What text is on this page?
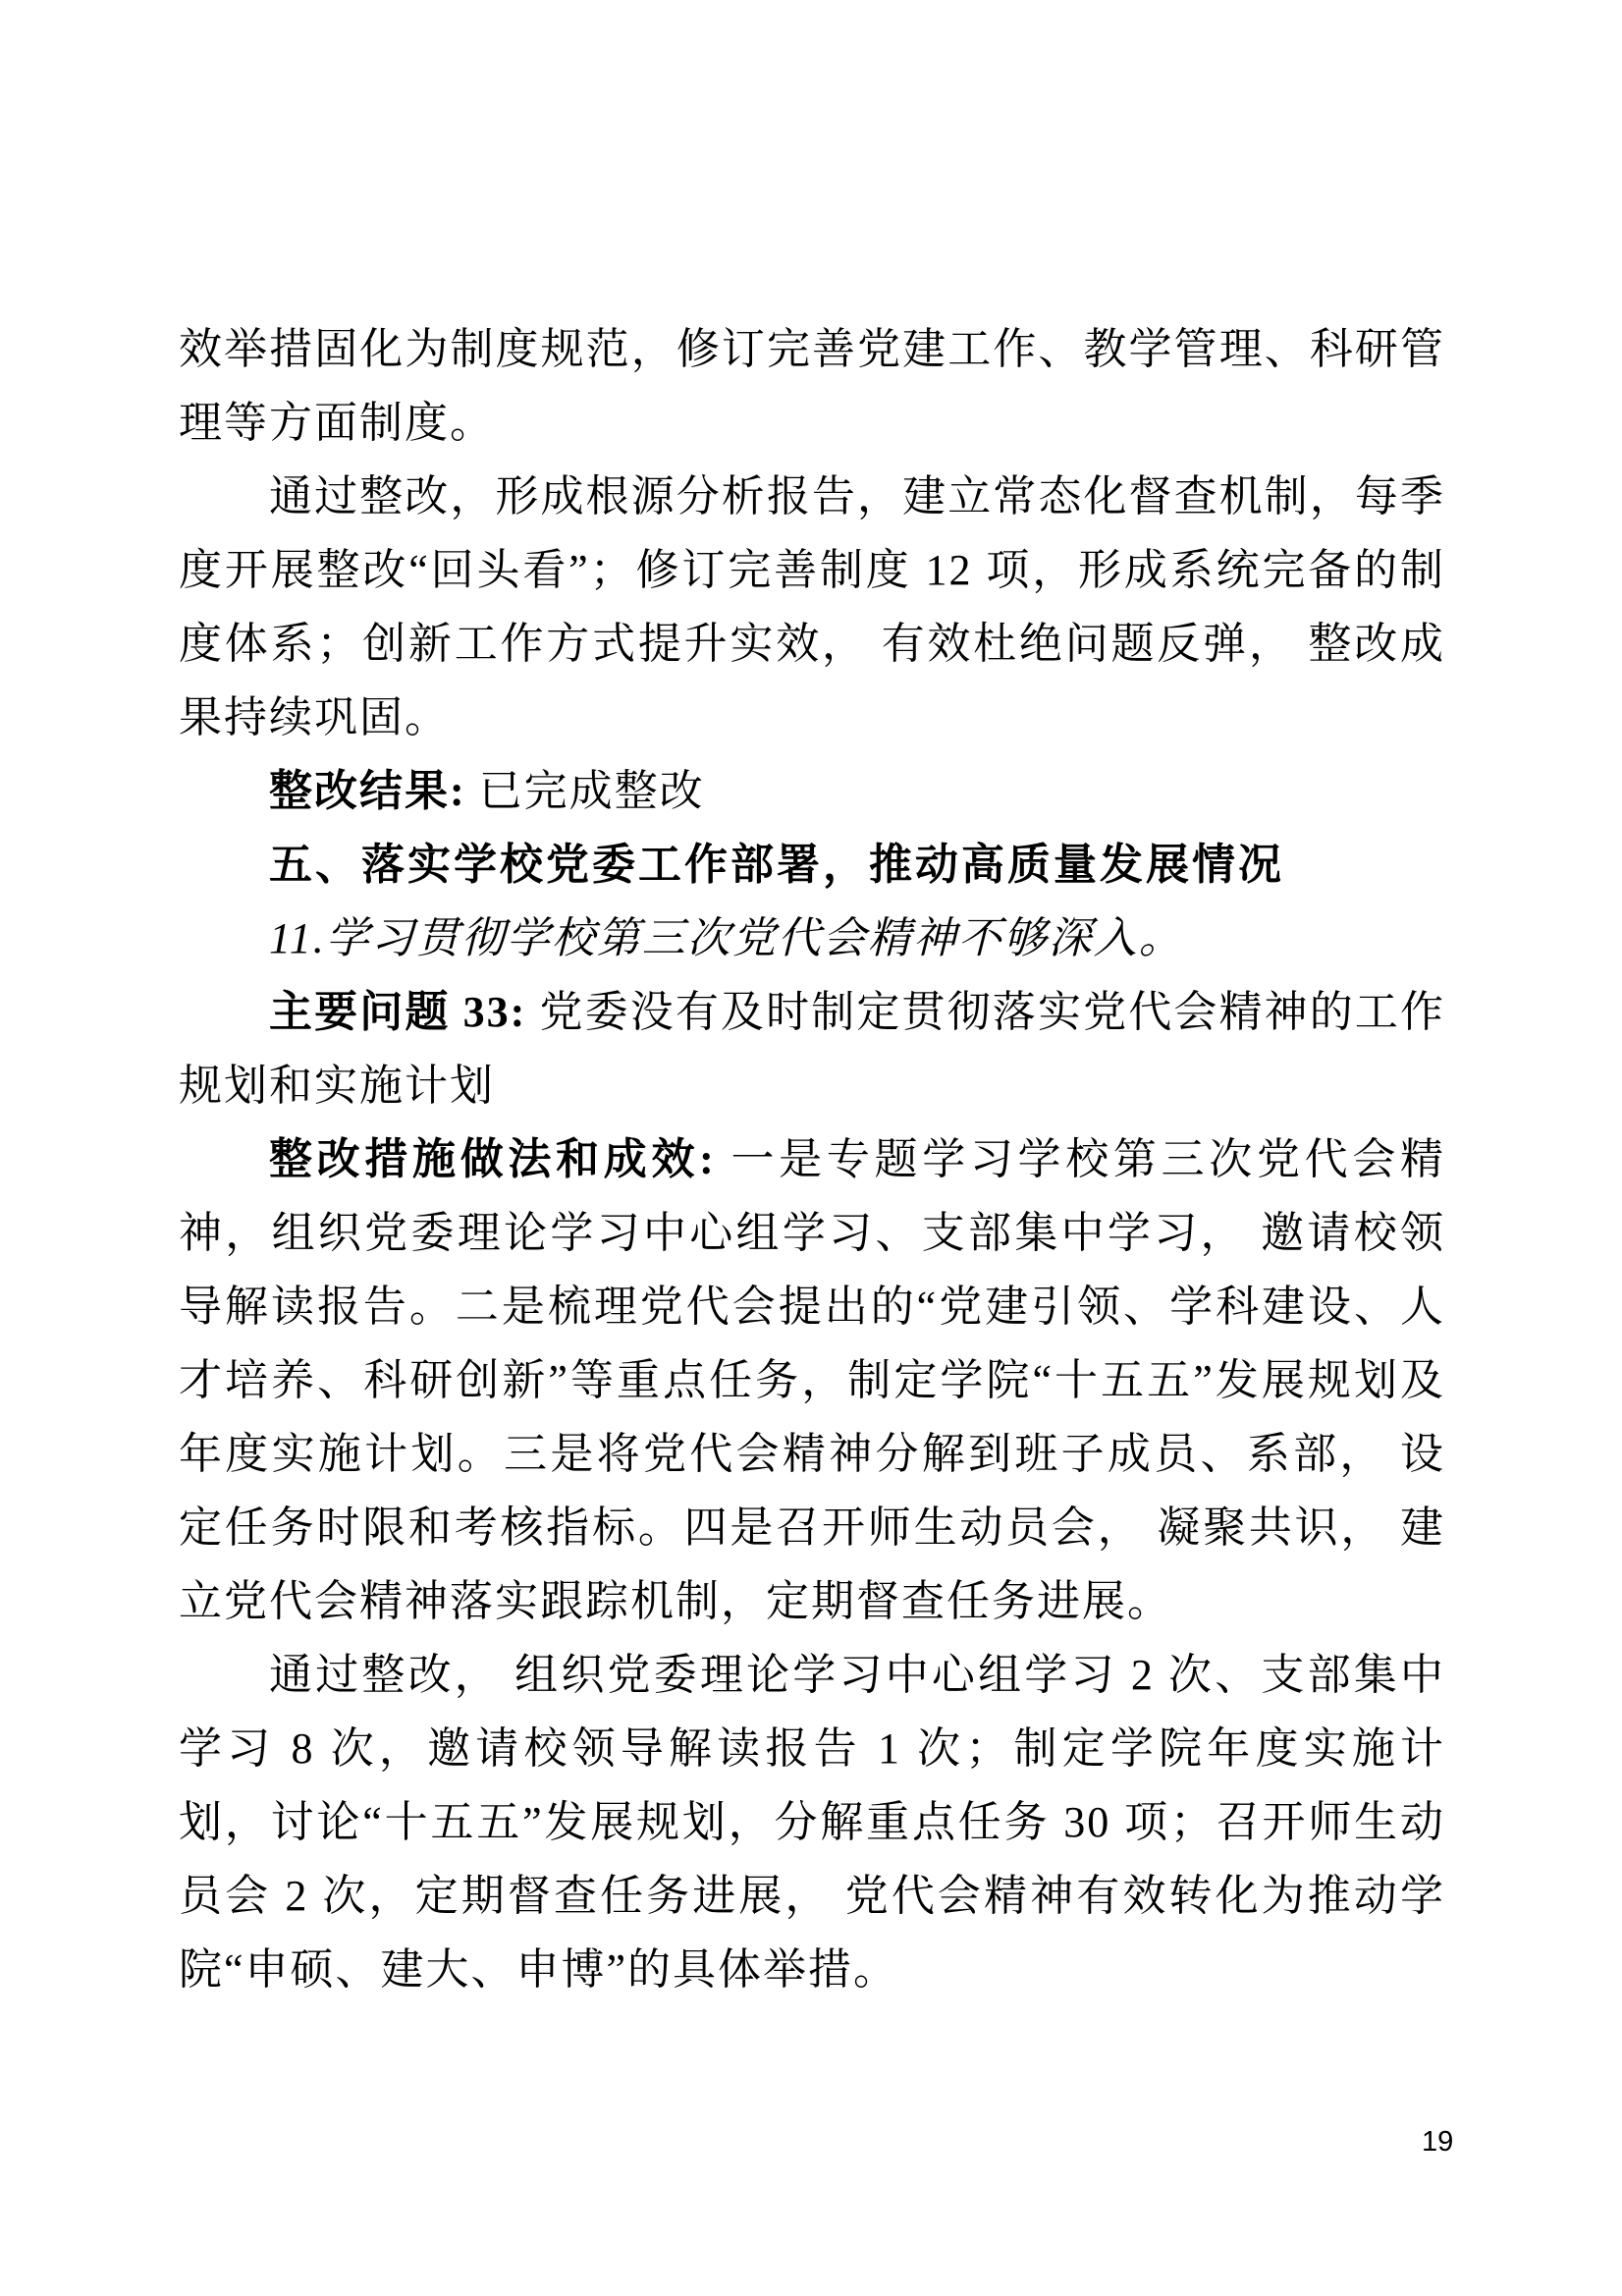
效举措固化为制度规范，修订完善党建工作、教学管理、科研管理等方面制度。

通过整改，形成根源分析报告，建立常态化督查机制，每季度开展整改“回头看”；修订完善制度 12 项，形成系统完备的制度体系；创新工作方式提升实效， 有效杜绝问题反弹， 整改成果持续巩固。

整改结果: 已完成整改

五、落实学校党委工作部署，推动高质量发展情况

11.学习贯彻学校第三次党代会精神不够深入。

主要问题 33: 党委没有及时制定贯彻落实党代会精神的工作规划和实施计划

整改措施做法和成效: 一是专题学习学校第三次党代会精神，组织党委理论学习中心组学习、支部集中学习， 邀请校领导解读报告。二是梳理党代会提出的“党建引领、学科建设、人才培养、科研创新”等重点任务，制定学院“十五五”发展规划及年度实施计划。三是将党代会精神分解到班子成员、系部， 设定任务时限和考核指标。四是召开师生动员会， 凝聚共识， 建立党代会精神落实跟踪机制，定期督查任务进展。

通过整改， 组织党委理论学习中心组学习 2 次、支部集中学习 8 次，邀请校领导解读报告 1 次；制定学院年度实施计划，讨论“十五五”发展规划，分解重点任务 30 项；召开师生动员会 2 次，定期督查任务进展， 党代会精神有效转化为推动学院“申硕、建大、申博”的具体举措。

19
